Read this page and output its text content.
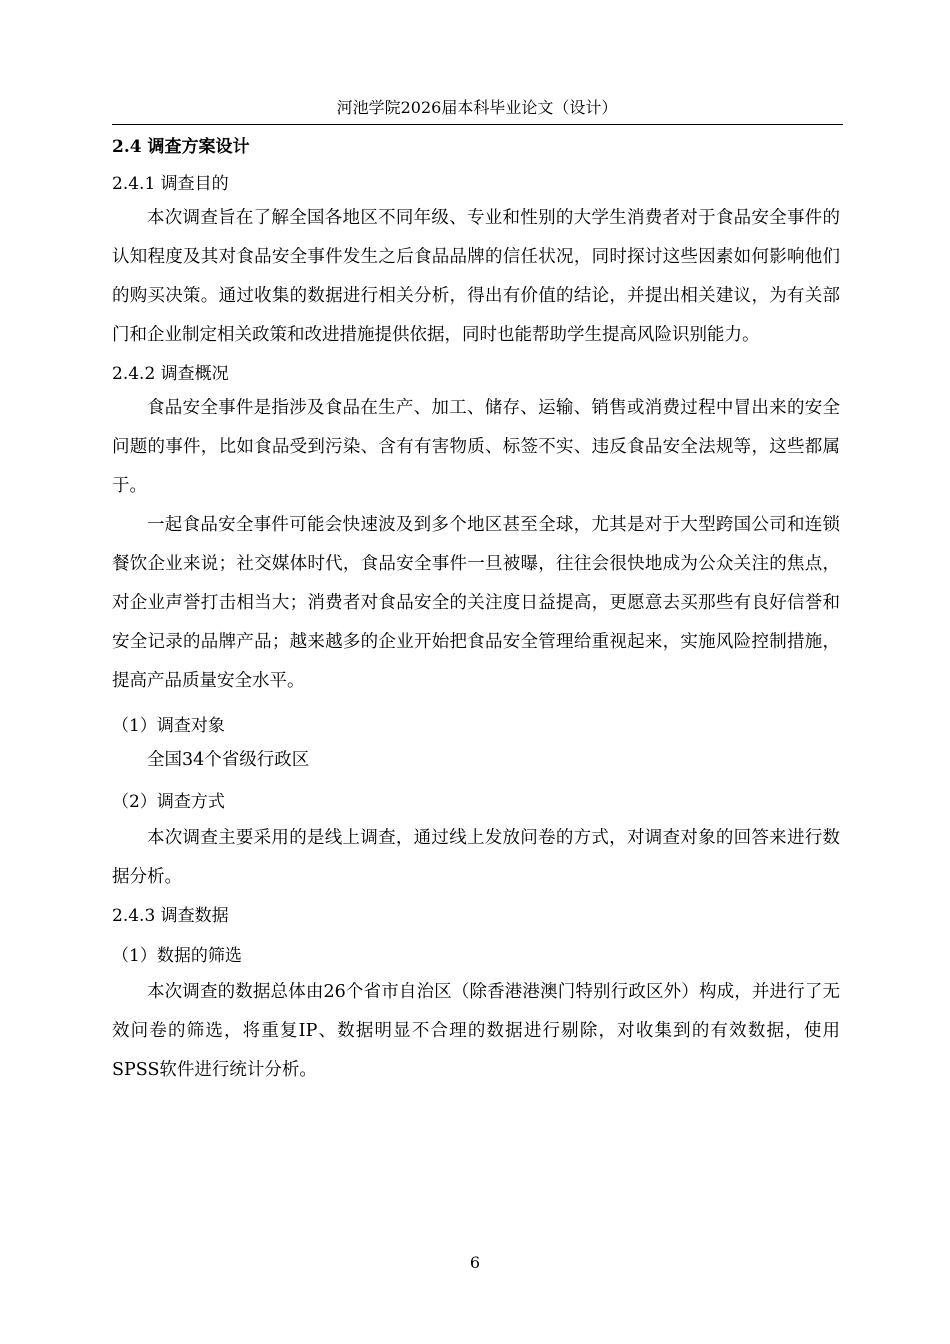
河池学院2026届本科毕业论文（设计）
2.4 调查方案设计
2.4.1 调查目的

本次调查旨在了解全国各地区不同年级、专业和性别的大学生消费者对于食品安全事件的认知程度及其对食品安全事件发生之后食品品牌的信任状况，同时探讨这些因素如何影响他们的购买决策。通过收集的数据进行相关分析，得出有价值的结论，并提出相关建议，为有关部门和企业制定相关政策和改进措施提供依据，同时也能帮助学生提高风险识别能力。

2.4.2 调查概况

食品安全事件是指涉及食品在生产、加工、储存、运输、销售或消费过程中冒出来的安全问题的事件，比如食品受到污染、含有有害物质、标签不实、违反食品安全法规等，这些都属于。

一起食品安全事件可能会快速波及到多个地区甚至全球，尤其是对于大型跨国公司和连锁餐饮企业来说；社交媒体时代，食品安全事件一旦被曝，往往会很快地成为公众关注的焦点，对企业声誉打击相当大；消费者对食品安全的关注度日益提高，更愿意去买那些有良好信誉和安全记录的品牌产品；越来越多的企业开始把食品安全管理给重视起来，实施风险控制措施，提高产品质量安全水平。

（1）调查对象

全国34个省级行政区

（2）调查方式

本次调查主要采用的是线上调查，通过线上发放问卷的方式，对调查对象的回答来进行数据分析。

2.4.3 调查数据
（1）数据的筛选

本次调查的数据总体由26个省市自治区（除香港港澳门特别行政区外）构成，并进行了无效问卷的筛选，将重复IP、数据明显不合理的数据进行剔除，对收集到的有效数据，使用SPSS软件进行统计分析。

6
